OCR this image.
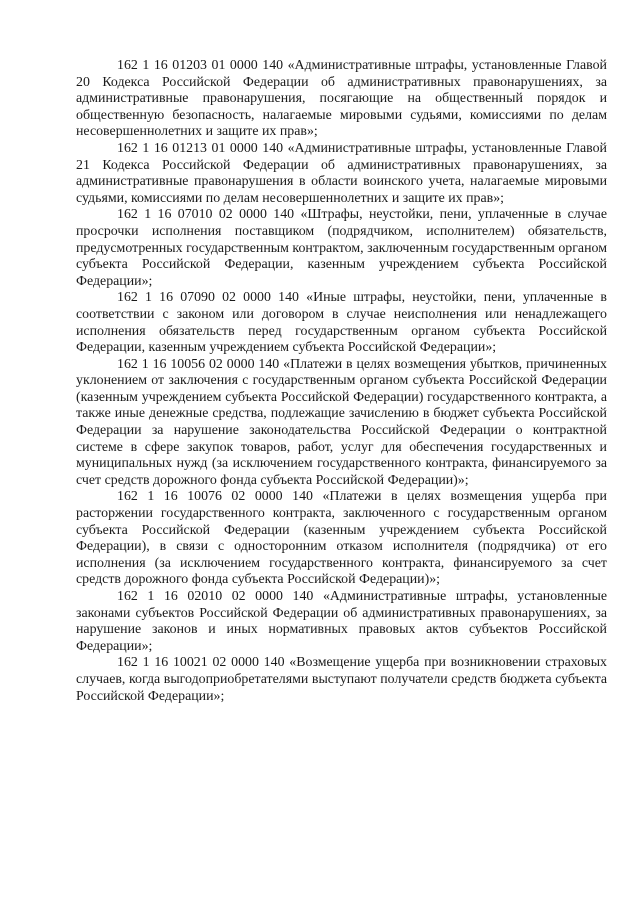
162 1 16 01203 01 0000 140 «Административные штрафы, установленные Главой 20 Кодекса Российской Федерации об административных правонарушениях, за административные правонарушения, посягающие на общественный порядок и общественную безопасность, налагаемые мировыми судьями, комиссиями по делам несовершеннолетних и защите их прав»;

162 1 16 01213 01 0000 140 «Административные штрафы, установленные Главой 21 Кодекса Российской Федерации об административных правонарушениях, за административные правонарушения в области воинского учета, налагаемые мировыми судьями, комиссиями по делам несовершеннолетних и защите их прав»;

162 1 16 07010 02 0000 140 «Штрафы, неустойки, пени, уплаченные в случае просрочки исполнения поставщиком (подрядчиком, исполнителем) обязательств, предусмотренных государственным контрактом, заключенным государственным органом субъекта Российской Федерации, казенным учреждением субъекта Российской Федерации»;

162 1 16 07090 02 0000 140 «Иные штрафы, неустойки, пени, уплаченные в соответствии с законом или договором в случае неисполнения или ненадлежащего исполнения обязательств перед государственным органом субъекта Российской Федерации, казенным учреждением субъекта Российской Федерации»;

162 1 16 10056 02 0000 140 «Платежи в целях возмещения убытков, причиненных уклонением от заключения с государственным органом субъекта Российской Федерации (казенным учреждением субъекта Российской Федерации) государственного контракта, а также иные денежные средства, подлежащие зачислению в бюджет субъекта Российской Федерации за нарушение законодательства Российской Федерации о контрактной системе в сфере закупок товаров, работ, услуг для обеспечения государственных и муниципальных нужд (за исключением государственного контракта, финансируемого за счет средств дорожного фонда субъекта Российской Федерации)»;

162 1 16 10076 02 0000 140 «Платежи в целях возмещения ущерба при расторжении государственного контракта, заключенного с государственным органом субъекта Российской Федерации (казенным учреждением субъекта Российской Федерации), в связи с односторонним отказом исполнителя (подрядчика) от его исполнения (за исключением государственного контракта, финансируемого за счет средств дорожного фонда субъекта Российской Федерации)»;

162 1 16 02010 02 0000 140 «Административные штрафы, установленные законами субъектов Российской Федерации об административных правонарушениях, за нарушение законов и иных нормативных правовых актов субъектов Российской Федерации»;

162 1 16 10021 02 0000 140 «Возмещение ущерба при возникновении страховых случаев, когда выгодоприобретателями выступают получатели средств бюджета субъекта Российской Федерации»;
